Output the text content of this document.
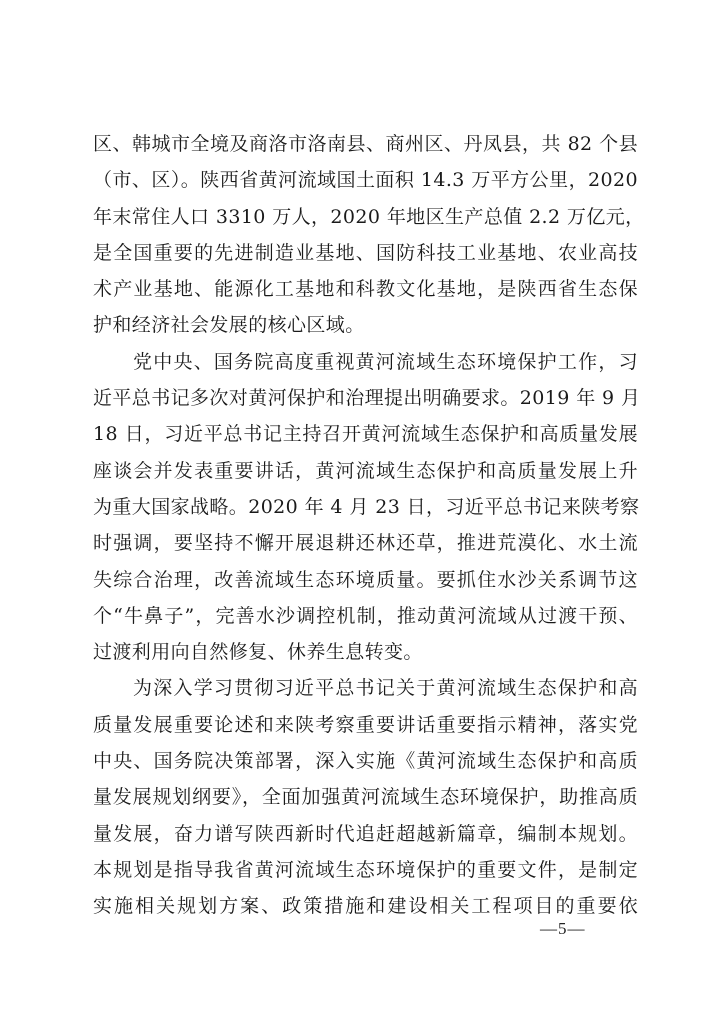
区、韩城市全境及商洛市洛南县、商州区、丹凤县，共 82 个县
（市、区）。陕西省黄河流域国土面积 14.3 万平方公里，2020
年末常住人口 3310 万人，2020 年地区生产总值 2.2 万亿元，
是全国重要的先进制造业基地、国防科技工业基地、农业高技
术产业基地、能源化工基地和科教文化基地，是陕西省生态保
护和经济社会发展的核心区域。
党中央、国务院高度重视黄河流域生态环境保护工作，习
近平总书记多次对黄河保护和治理提出明确要求。2019 年 9 月
18 日，习近平总书记主持召开黄河流域生态保护和高质量发展
座谈会并发表重要讲话，黄河流域生态保护和高质量发展上升
为重大国家战略。2020 年 4 月 23 日，习近平总书记来陕考察
时强调，要坚持不懈开展退耕还林还草，推进荒漠化、水土流
失综合治理，改善流域生态环境质量。要抓住水沙关系调节这
个“牛鼻子”，完善水沙调控机制，推动黄河流域从过渡干预、
过渡利用向自然修复、休养生息转变。
为深入学习贯彻习近平总书记关于黄河流域生态保护和高
质量发展重要论述和来陕考察重要讲话重要指示精神，落实党
中央、国务院决策部署，深入实施《黄河流域生态保护和高质
量发展规划纲要》，全面加强黄河流域生态环境保护，助推高质
量发展，奋力谱写陕西新时代追赶超越新篇章，编制本规划。
本规划是指导我省黄河流域生态环境保护的重要文件，是制定
实施相关规划方案、政策措施和建设相关工程项目的重要依
—5—
